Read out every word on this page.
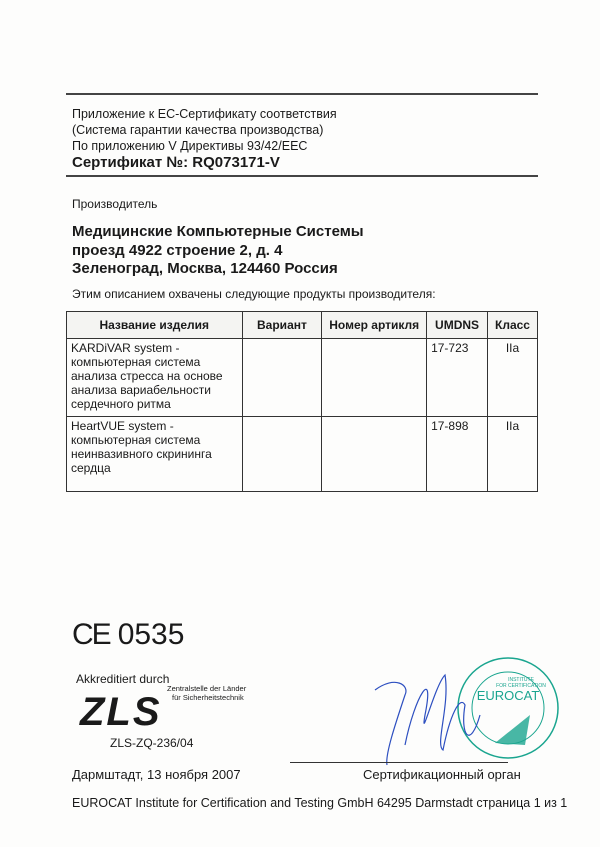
Приложение к ЕС-Сертификату соответствия
(Система гарантии качества производства)
По приложению V Директивы 93/42/EEC
Сертификат №: RQ073171-V
Производитель
Медицинские Компьютерные Системы
проезд 4922 строение 2, д. 4
Зеленоград, Москва, 124460 Россия
Этим описанием охвачены следующие продукты производителя:
Название изделия	Вариант	Номер артикля	UMDNS	Класс
KARDiVAR system - компьютерная система анализа стресса на основе анализа вариабельности сердечного ритма			17-723	IIa
HeartVUE system - компьютерная система неинвазивного скрининга сердца			17-898	IIa
CE 0535
Akkreditiert durch
Zentralstelle der Länder
für Sicherheitstechnik
ZLS
ZLS-ZQ-236/04
EUROCAT
INSTITUTE
FOR CERTIFICATION
Дармштадт, 13 ноября 2007	Сертификационный орган
EUROCAT Institute for Certification and Testing GmbH 64295 Darmstadt страница 1 из 1
